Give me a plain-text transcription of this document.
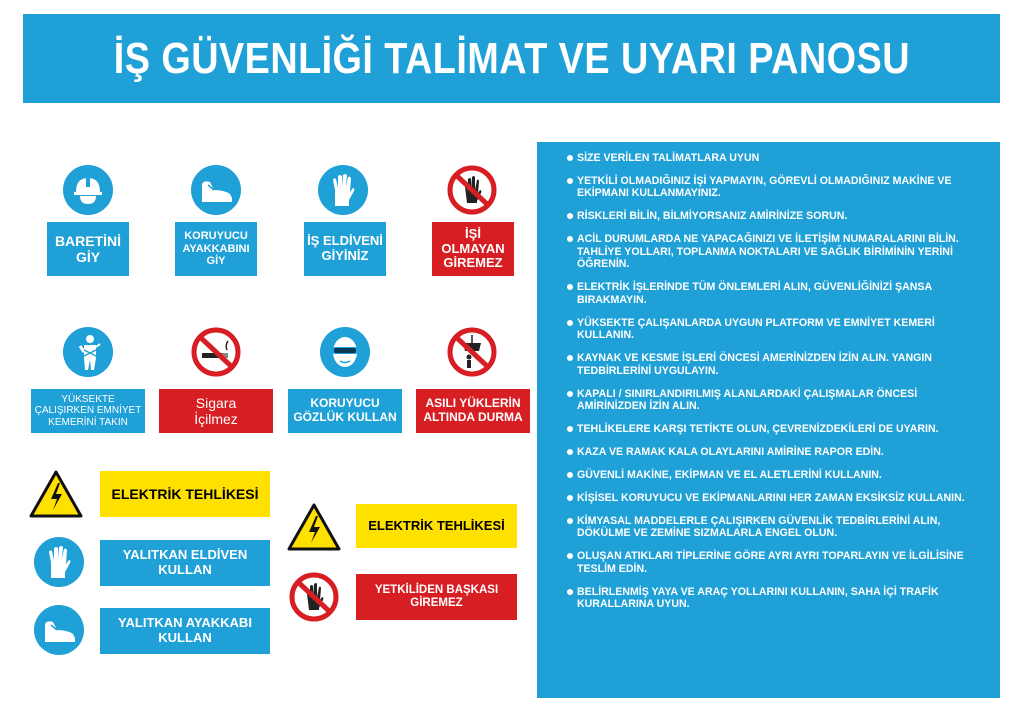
İŞ GÜVENLİĞİ TALİMAT VE UYARI PANOSU
BARETİNİ
GİY
KORUYUCU
AYAKKABINI
GİY
İŞ ELDİVENİ
GİYİNİZ
İŞİ OLMAYAN
GİREMEZ
YÜKSEKTE
ÇALIŞIRKEN EMNİYET
KEMERİNİ TAKIN
Sigara
İçilmez
KORUYUCU
GÖZLÜK KULLAN
ASILI YÜKLERİN
ALTINDA DURMA
ELEKTRİK TEHLİKESİ
YALITKAN ELDİVEN KULLAN
YALITKAN AYAKKABI KULLAN
ELEKTRİK TEHLİKESİ
YETKİLİDEN BAŞKASI GİREMEZ
SİZE VERİLEN TALİMATLARA UYUN
YETKİLİ OLMADIĞINIZ İŞİ YAPMAYIN, GÖREVLİ OLMADIĞINIZ MAKİNE VE EKİPMANI KULLANMAYINIZ.
RİSKLERİ BİLİN, BİLMİYORSANIZ AMİRİNİZE SORUN.
ACİL DURUMLARDA NE YAPACAĞINIZI VE İLETİŞİM NUMARALARINI BİLİN. TAHLİYE YOLLARI, TOPLANMA NOKTALARI VE SAĞLIK BİRİMİNİN YERİNİ ÖĞRENİN.
ELEKTRİK İŞLERİNDE TÜM ÖNLEMLERİ ALIN, GÜVENLİĞİNİZİ ŞANSA BIRAKMAYIN.
YÜKSEKTE ÇALIŞANLARDA UYGUN PLATFORM VE EMNİYET KEMERİ KULLANIN.
KAYNAK VE KESME İŞLERİ ÖNCESİ AMERİNİZDEN İZİN ALIN. YANGIN TEDBİRLERİNİ UYGULAYIN.
KAPALI / SINIRLANDIRILMIŞ ALANLARDAKİ ÇALIŞMALAR ÖNCESİ AMİRİNİZDEN İZİN ALIN.
TEHLİKELERE KARŞI TETİKTE OLUN, ÇEVRENİZDEKİLERİ DE UYARIN.
KAZA VE RAMAK KALA OLAYLARINI AMİRİNE RAPOR EDİN.
GÜVENLİ MAKİNE, EKİPMAN VE EL ALETLERİNİ KULLANIN.
KİŞİSEL KORUYUCU VE EKİPMANLARINI HER ZAMAN EKSİKSİZ KULLANIN.
KİMYASAL MADDELERLE ÇALIŞIRKEN GÜVENLİK TEDBİRLERİNİ ALIN, DÖKÜLME VE ZEMİNE SIZMALARLA ENGEL OLUN.
OLUŞAN ATIKLARI TİPLERİNE GÖRE AYRI AYRI TOPARLAYIN VE İLGİLİSİNE TESLİM EDİN.
BELİRLENMİŞ YAYA VE ARAÇ YOLLARINI KULLANIN, SAHA İÇİ TRAFİK KURALLARINA UYUN.
